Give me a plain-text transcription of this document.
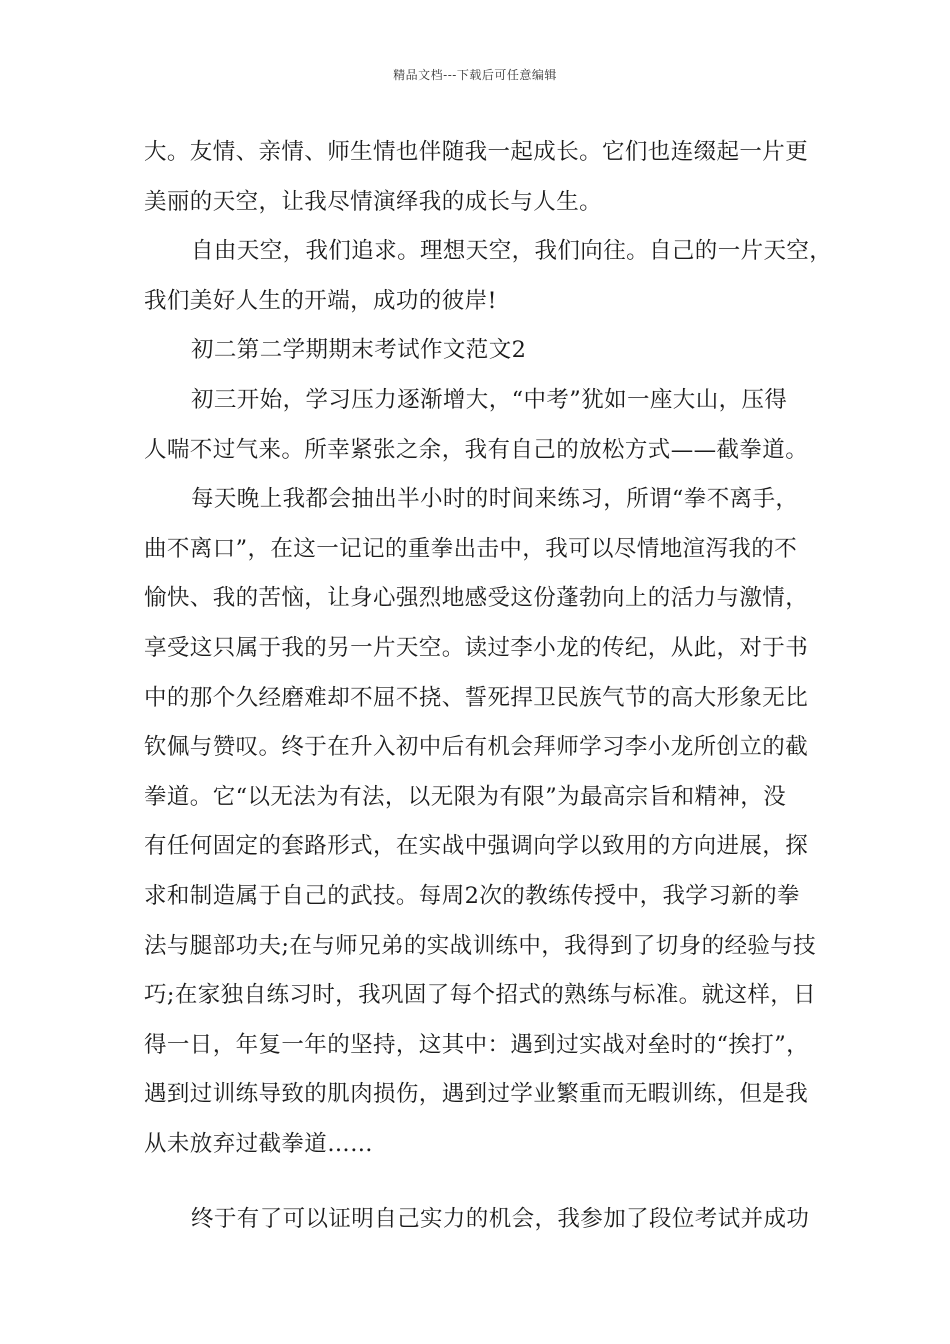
精品文档---下载后可任意编辑
大。友情、亲情、师生情也伴随我一起成长。它们也连缀起一片更
美丽的天空，让我尽情演绎我的成长与人生。
自由天空，我们追求。理想天空，我们向往。自己的一片天空，
我们美好人生的开端，成功的彼岸!
初二第二学期期末考试作文范文2
初三开始，学习压力逐渐增大，“中考”犹如一座大山，压得
人喘不过气来。所幸紧张之余，我有自己的放松方式——截拳道。
每天晚上我都会抽出半小时的时间来练习，所谓“拳不离手，
曲不离口”，在这一记记的重拳出击中，我可以尽情地渲泻我的不
愉快、我的苦恼，让身心强烈地感受这份蓬勃向上的活力与激情，
享受这只属于我的另一片天空。读过李小龙的传纪，从此，对于书
中的那个久经磨难却不屈不挠、誓死捍卫民族气节的高大形象无比
钦佩与赞叹。终于在升入初中后有机会拜师学习李小龙所创立的截
拳道。它“以无法为有法，以无限为有限”为最高宗旨和精神，没
有任何固定的套路形式，在实战中强调向学以致用的方向进展，探
求和制造属于自己的武技。每周2次的教练传授中，我学习新的拳
法与腿部功夫;在与师兄弟的实战训练中，我得到了切身的经验与技
巧;在家独自练习时，我巩固了每个招式的熟练与标准。就这样，日
得一日，年复一年的坚持，这其中：遇到过实战对垒时的“挨打”，
遇到过训练导致的肌肉损伤，遇到过学业繁重而无暇训练，但是我
从未放弃过截拳道……
终于有了可以证明自己实力的机会，我参加了段位考试并成功
